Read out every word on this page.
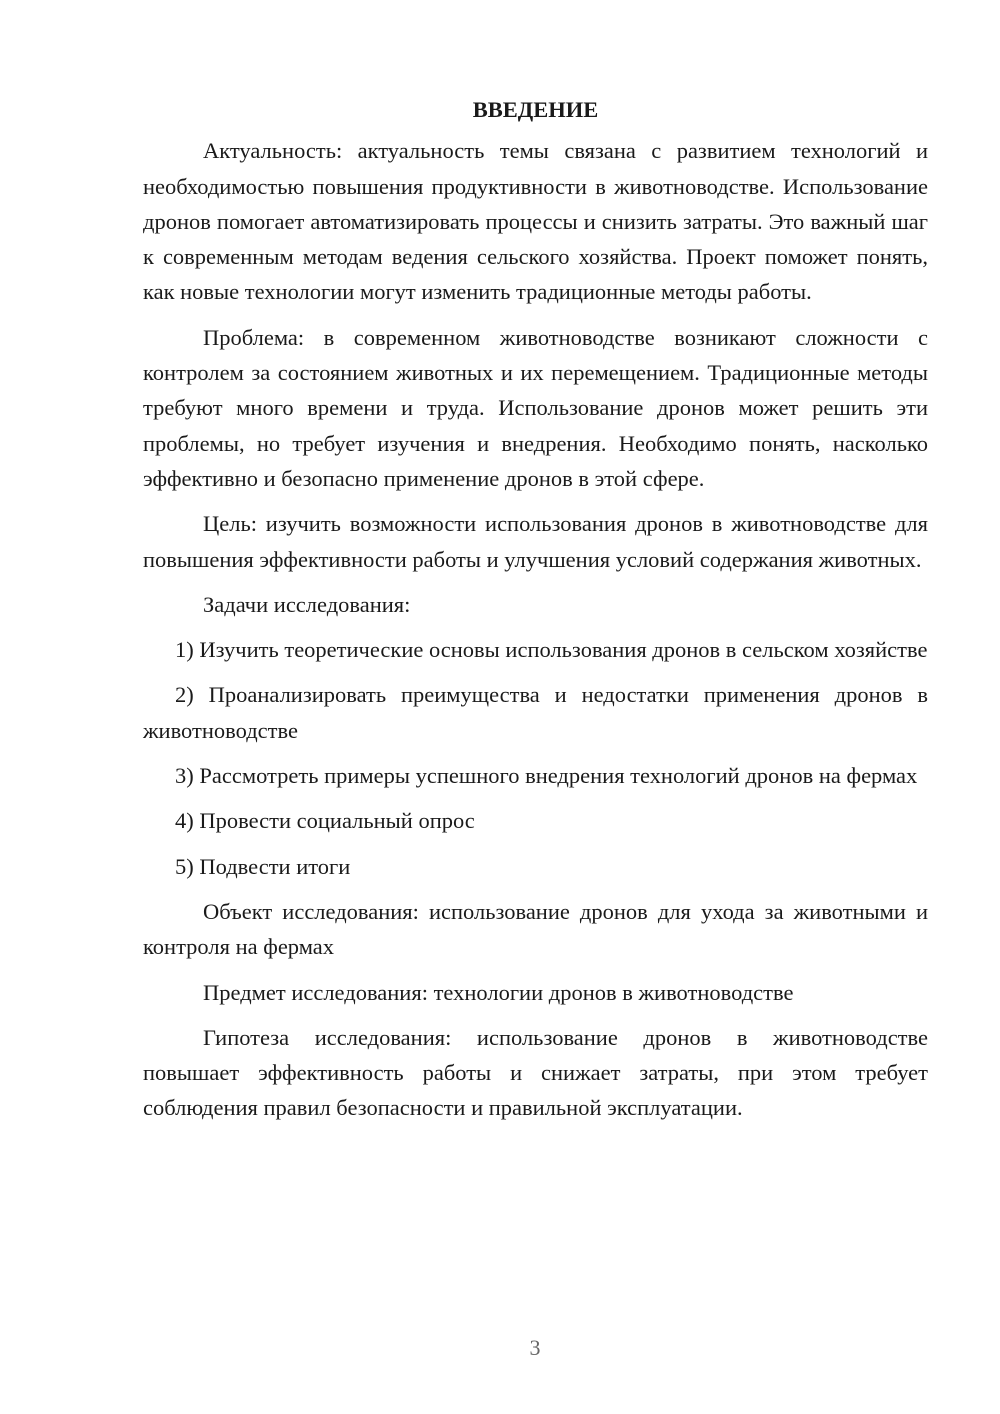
ВВЕДЕНИЕ

Актуальность: актуальность темы связана с развитием технологий и необходимостью повышения продуктивности в животноводстве. Использование дронов помогает автоматизировать процессы и снизить затраты. Это важный шаг к современным методам ведения сельского хозяйства. Проект поможет понять, как новые технологии могут изменить традиционные методы работы.

Проблема: в современном животноводстве возникают сложности с контролем за состоянием животных и их перемещением. Традиционные методы требуют много времени и труда. Использование дронов может решить эти проблемы, но требует изучения и внедрения. Необходимо понять, насколько эффективно и безопасно применение дронов в этой сфере.

Цель: изучить возможности использования дронов в животноводстве для повышения эффективности работы и улучшения условий содержания животных.

Задачи исследования:

1) Изучить теоретические основы использования дронов в сельском хозяйстве

2) Проанализировать преимущества и недостатки применения дронов в животноводстве

3) Рассмотреть примеры успешного внедрения технологий дронов на фермах

4) Провести социальный опрос

5) Подвести итоги

Объект исследования: использование дронов для ухода за животными и контроля на фермах

Предмет исследования: технологии дронов в животноводстве

Гипотеза исследования: использование дронов в животноводстве повышает эффективность работы и снижает затраты, при этом требует соблюдения правил безопасности и правильной эксплуатации.

3
